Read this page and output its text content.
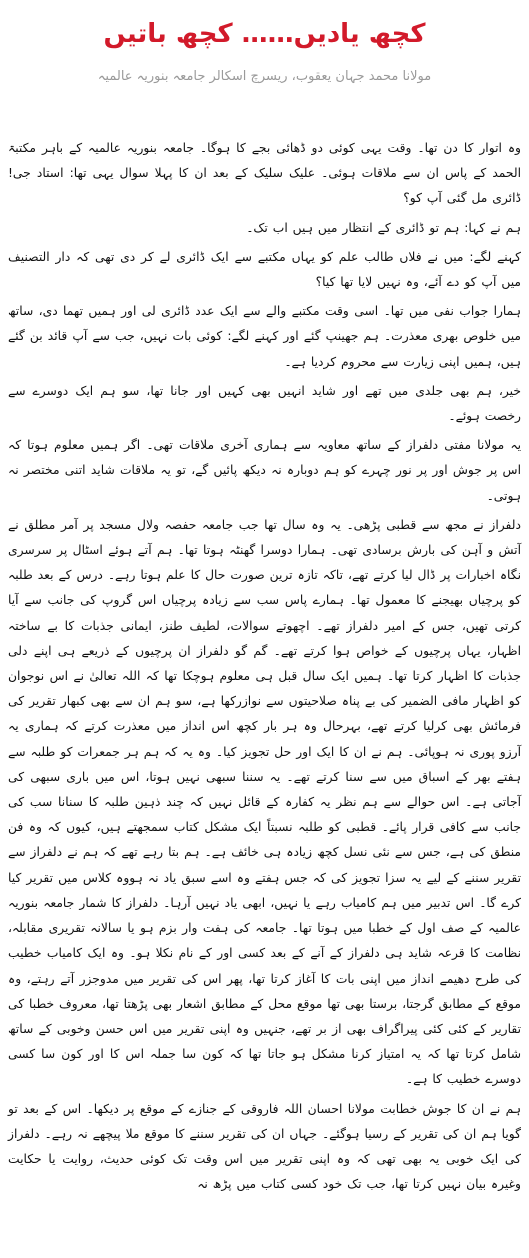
کچھ یادیں…… کچھ باتیں
مولانا محمد جہان یعقوب، ریسرچ اسکالر جامعہ بنوریہ عالمیہ

وہ اتوار کا دن تھا۔ وقت یہی کوئی دو ڈھائی بجے کا ہوگا۔ جامعہ بنوریہ عالمیہ کے باہر مکتبۃ الحمد کے پاس ان سے ملاقات ہوئی۔ علیک سلیک کے بعد ان کا پہلا سوال یہی تھا: استاد جی! ڈائری مل گئی آپ کو؟

ہم نے کہا: ہم تو ڈائری کے انتظار میں ہیں اب تک۔

کہنے لگے: میں نے فلاں طالب علم کو یہاں مکتبے سے ایک ڈائری لے کر دی تھی کہ دار التصنیف میں آپ کو دے آئے، وہ نہیں لایا تھا کیا؟

ہمارا جواب نفی میں تھا۔ اسی وقت مکتبے والے سے ایک عدد ڈائری لی اور ہمیں تھما دی، ساتھ میں خلوص بھری معذرت۔ ہم جھینپ گئے اور کہنے لگے: کوئی بات نہیں، جب سے آپ قائد بن گئے ہیں، ہمیں اپنی زیارت سے محروم کردیا ہے۔

خیر، ہم بھی جلدی میں تھے اور شاید انہیں بھی کہیں اور جانا تھا، سو ہم ایک دوسرے سے رخصت ہوئے۔

یہ مولانا مفتی دلفراز کے ساتھ معاویہ سے ہماری آخری ملاقات تھی۔ اگر ہمیں معلوم ہوتا کہ اس پر جوش اور پر نور چہرے کو ہم دوبارہ نہ دیکھ پائیں گے، تو یہ ملاقات شاید اتنی مختصر نہ ہوتی۔

دلفراز نے مجھ سے قطبی پڑھی۔ یہ وہ سال تھا جب جامعہ حفصہ ولال مسجد پر آمر مطلق نے آتش و آہن کی بارش برسادی تھی۔ ہمارا دوسرا گھنٹہ ہوتا تھا۔ ہم آتے ہوئے اسٹال پر سرسری نگاہ اخبارات پر ڈال لیا کرتے تھے، تاکہ تازہ ترین صورت حال کا علم ہوتا رہے۔ درس کے بعد طلبہ کو پرچیاں بھیجنے کا معمول تھا۔ ہمارے پاس سب سے زیادہ پرچیاں اس گروپ کی جانب سے آیا کرتی تھیں، جس کے امیر دلفراز تھے۔ اچھوتے سوالات، لطیف طنز، ایمانی جذبات کا بے ساختہ اظہار، یہاں پرچیوں کے خواص ہوا کرتے تھے۔ گم گو دلفراز ان پرچیوں کے ذریعے ہی اپنے دلی جذبات کا اظہار کرتا تھا۔ ہمیں ایک سال قبل ہی معلوم ہوچکا تھا کہ اللہ تعالیٰ نے اس نوجوان کو اظہار مافی الضمیر کی بے پناہ صلاحیتوں سے نوازرکھا ہے، سو ہم ان سے بھی کبھار تقریر کی فرمائش بھی کرلیا کرتے تھے، بہرحال وہ ہر بار کچھ اس انداز میں معذرت کرتے کہ ہماری یہ آرزو پوری نہ ہوپائی۔ ہم نے ان کا ایک اور حل تجویز کیا۔ وہ یہ کہ ہم ہر جمعرات کو طلبہ سے ہفتے بھر کے اسباق میں سے سنا کرتے تھے۔ یہ سننا سبھی نہیں ہوتا، اس میں باری سبھی کی آجاتی ہے۔ اس حوالے سے ہم نظر یہ کفارہ کے قائل نہیں کہ چند ذہین طلبہ کا سنانا سب کی جانب سے کافی قرار پائے۔ قطبی کو طلبہ نسبتاً ایک مشکل کتاب سمجھتے ہیں، کیوں کہ وہ فن منطق کی ہے، جس سے نئی نسل کچھ زیادہ ہی خائف ہے۔ ہم بتا رہے تھے کہ ہم نے دلفراز سے تقریر سننے کے لیے یہ سزا تجویز کی کہ جس ہفتے وہ اسے سبق یاد نہ ہووہ کلاس میں تقریر کیا کرے گا۔ اس تدبیر میں ہم کامیاب رہے یا نہیں، ابھی یاد نہیں آرہا۔ دلفراز کا شمار جامعہ بنوریہ عالمیہ کے صف اول کے خطبا میں ہوتا تھا۔ جامعہ کی ہفت وار بزم ہو یا سالانہ تقریری مقابلہ، نظامت کا قرعہ شاید ہی دلفراز کے آنے کے بعد کسی اور کے نام نکلا ہو۔ وہ ایک کامیاب خطیب کی طرح دھیمے انداز میں اپنی بات کا آغاز کرتا تھا، پھر اس کی تقریر میں مدوجزر آتے رہتے، وہ موقع کے مطابق گرجتا، برستا بھی تھا موقع محل کے مطابق اشعار بھی پڑھتا تھا، معروف خطبا کی تقاریر کے کئی کئی پیراگراف بھی از بر تھے، جنہیں وہ اپنی تقریر میں اس حسن وخوبی کے ساتھ شامل کرتا تھا کہ یہ امتیاز کرنا مشکل ہو جاتا تھا کہ کون سا جملہ اس کا اور کون سا کسی دوسرے خطیب کا ہے۔

ہم نے ان کا جوش خطابت مولانا احسان اللہ فاروقی کے جنازے کے موقع پر دیکھا۔ اس کے بعد تو گویا ہم ان کی تقریر کے رسیا ہوگئے۔ جہاں ان کی تقریر سننے کا موقع ملا پیچھے نہ رہے۔ دلفراز کی ایک خوبی یہ بھی تھی کہ وہ اپنی تقریر میں اس وقت تک کوئی حدیث، روایت یا حکایت وغیرہ بیان نہیں کرتا تھا، جب تک خود کسی کتاب میں پڑھ نہ
